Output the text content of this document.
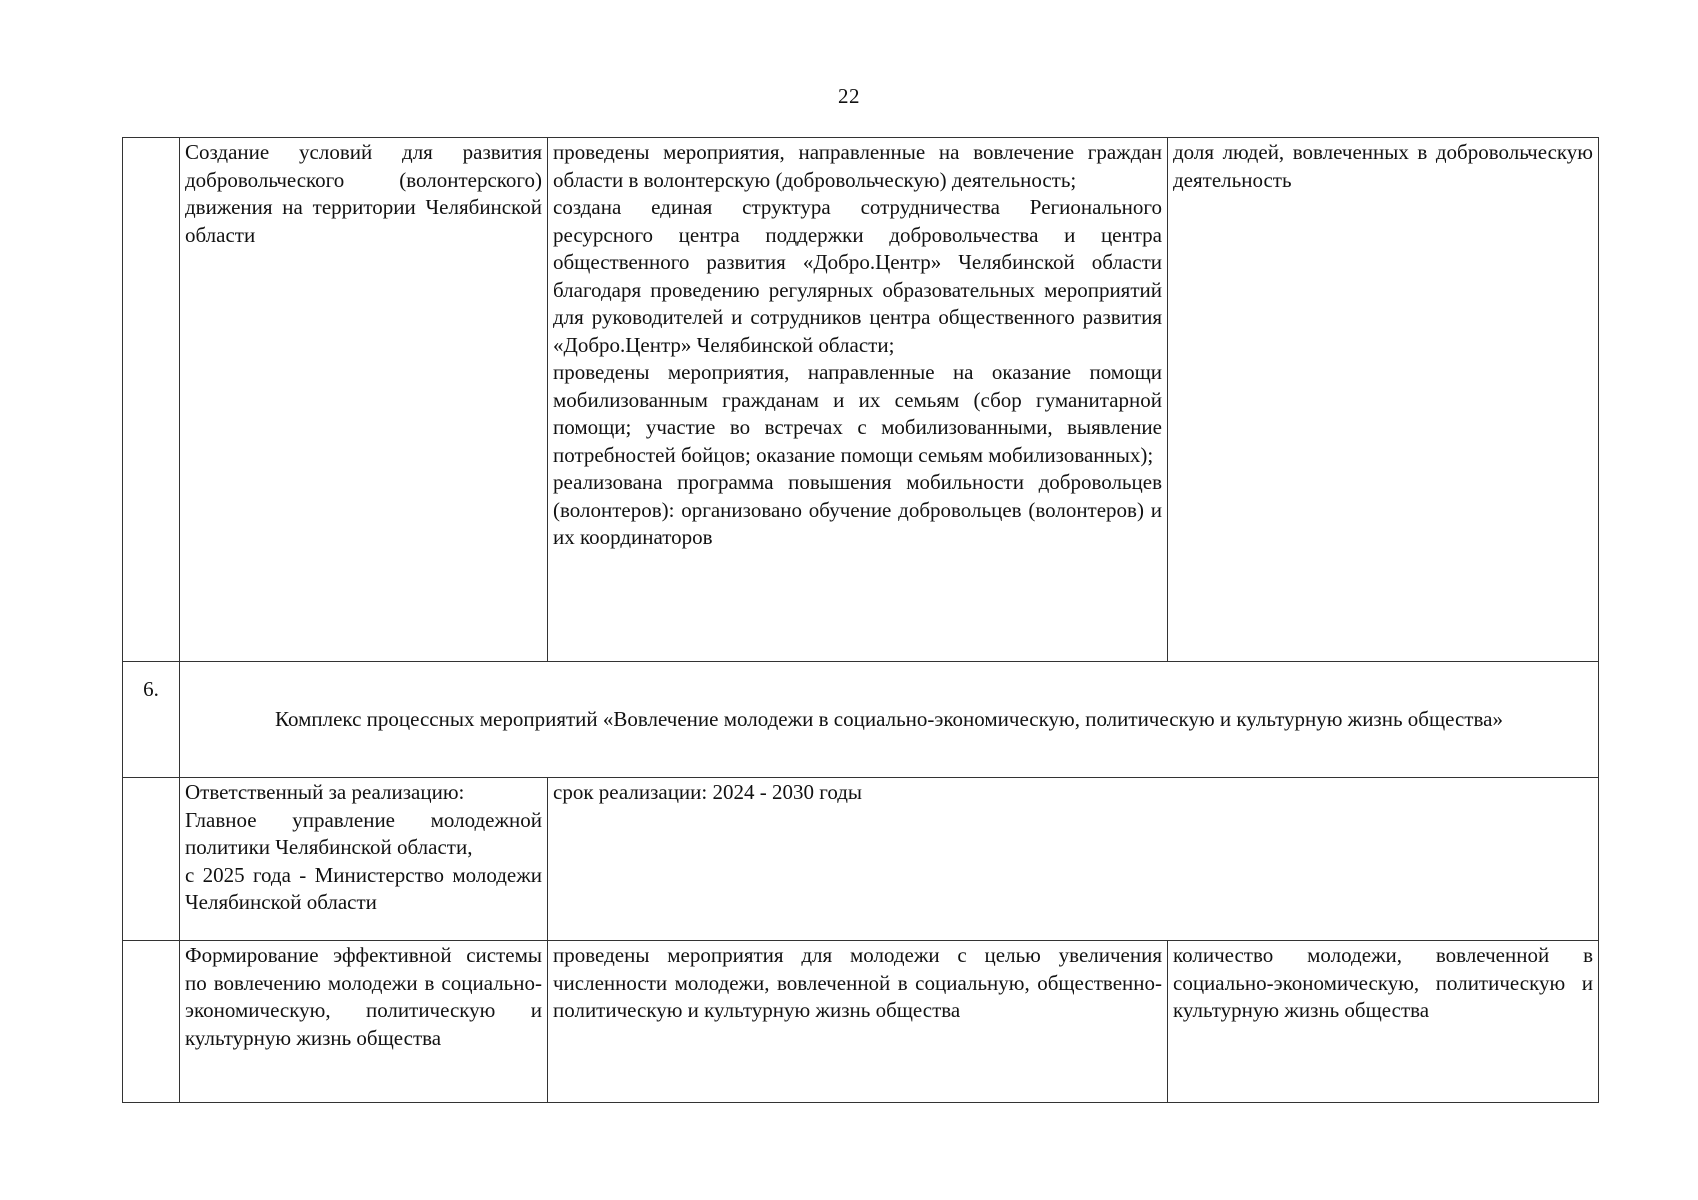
22
	Создание условий для развития добровольческого (волонтерского) движения на территории Челябинской области	проведены мероприятия, направленные на вовлечение граждан области в волонтерскую (добровольческую) деятельность;
создана единая структура сотрудничества Регионального ресурсного центра поддержки добровольчества и центра общественного развития «Добро.Центр» Челябинской области благодаря проведению регулярных образовательных мероприятий для руководителей и сотрудников центра общественного развития «Добро.Центр» Челябинской области;
проведены мероприятия, направленные на оказание помощи мобилизованным гражданам и их семьям (сбор гуманитарной помощи; участие во встречах с мобилизованными, выявление потребностей бойцов; оказание помощи семьям мобилизованных);
реализована программа повышения мобильности добровольцев (волонтеров): организовано обучение добровольцев (волонтеров) и их координаторов	доля людей, вовлеченных в добровольческую деятельность
6.	Комплекс процессных мероприятий «Вовлечение молодежи в социально-экономическую, политическую и культурную жизнь общества»		

	Ответственный за реализацию:
Главное управление молодежной политики Челябинской области,
с 2025 года - Министерство молодежи Челябинской области	срок реализации: 2024 - 2030 годы	
	Формирование эффективной системы по вовлечению молодежи в социально-экономическую, политическую и культурную жизнь общества	проведены мероприятия для молодежи с целью увеличения численности молодежи, вовлеченной в социальную, общественно-политическую и культурную жизнь общества	количество молодежи, вовлеченной в социально-экономическую, политическую и культурную жизнь общества
